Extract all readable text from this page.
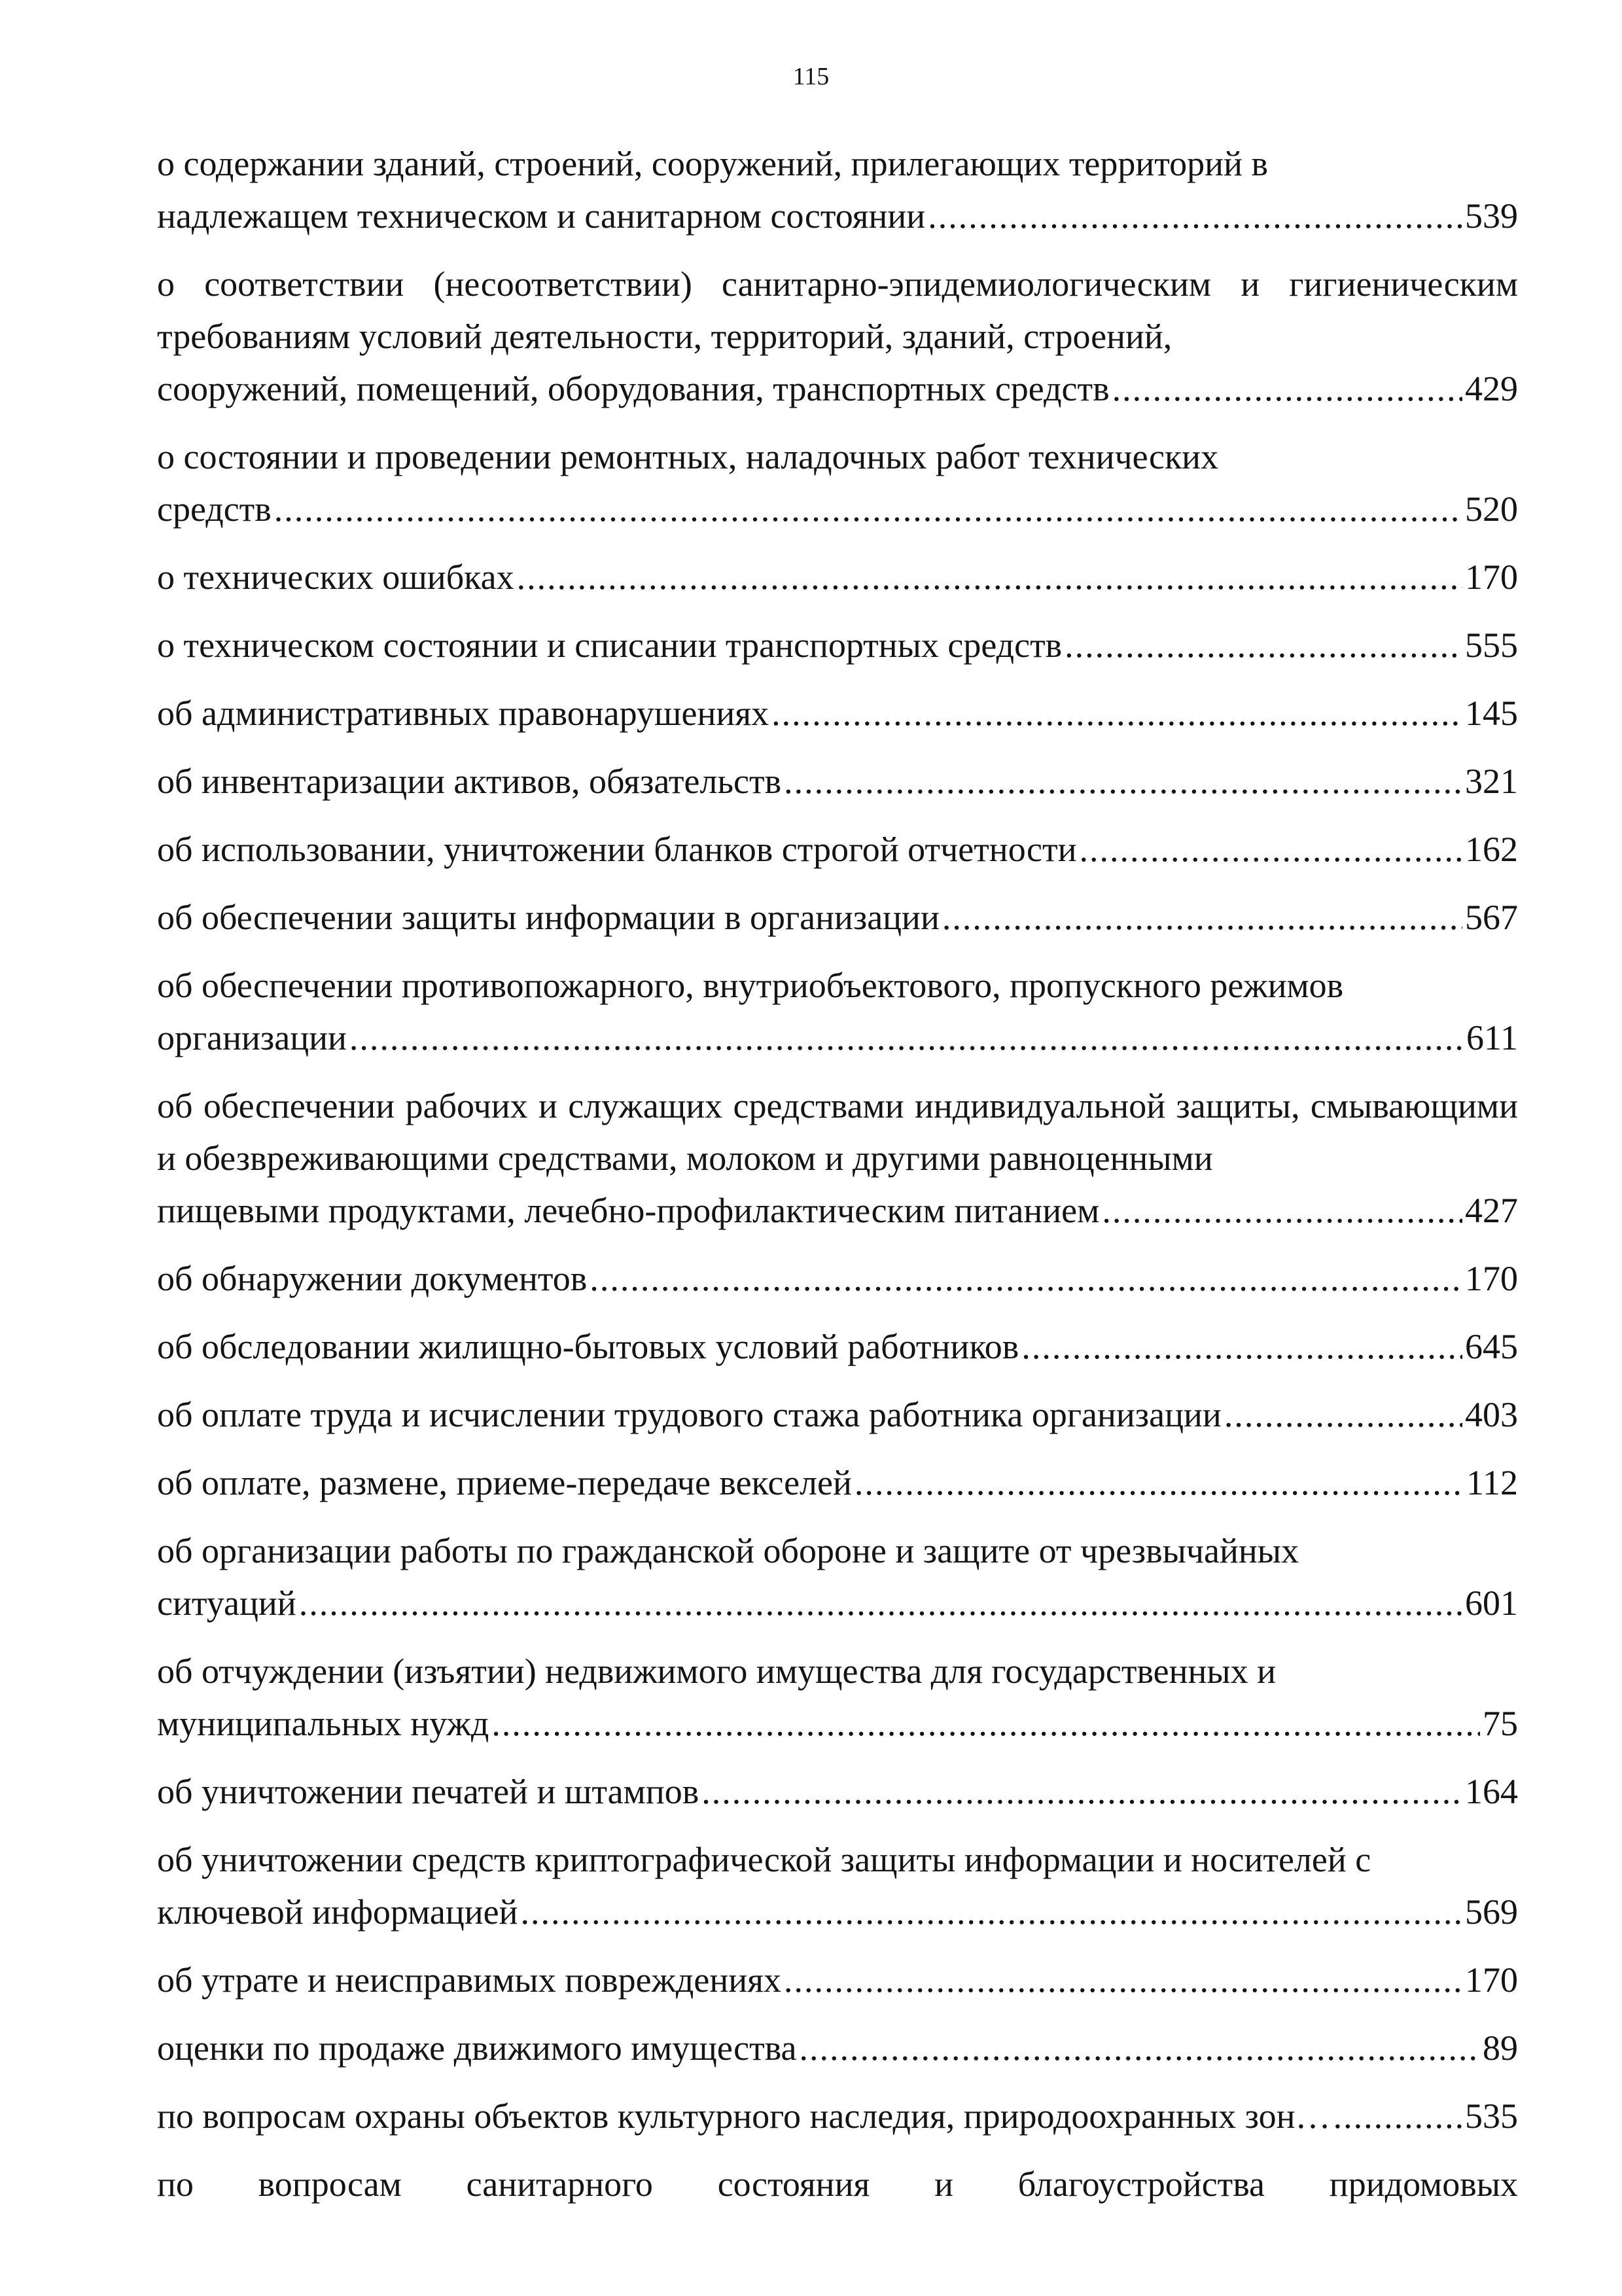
115
о содержании зданий, строений, сооружений, прилегающих территорий в
надлежащем техническом и санитарном состоянии .....	539
о соответствии (несоответствии) санитарно-эпидемиологическим и гигиеническим требованиям условий деятельности, территорий, зданий, строений,
сооружений, помещений, оборудования, транспортных средств .....	429
о состоянии и проведении ремонтных, наладочных работ технических
средств .....	520
о технических ошибках .....	170
о техническом состоянии и списании транспортных средств .....	555
об административных правонарушениях .....	145
об инвентаризации активов, обязательств .....	321
об использовании, уничтожении бланков строгой отчетности .....	162
об обеспечении защиты информации в организации .....	567
об обеспечении противопожарного, внутриобъектового, пропускного режимов
организации .....	611
об обеспечении рабочих и служащих средствами индивидуальной защиты, смывающими и обезвреживающими средствами, молоком и другими равноценными
пищевыми продуктами, лечебно-профилактическим питанием .....	427
об обнаружении документов .....	170
об обследовании жилищно-бытовых условий работников .....	645
об оплате труда и исчислении трудового стажа работника организации .....	403
об оплате, размене, приеме-передаче векселей .....	112
об организации работы по гражданской обороне и защите от чрезвычайных
ситуаций .....	601
об отчуждении (изъятии) недвижимого имущества для государственных и
муниципальных нужд .....	75
об уничтожении печатей и штампов .....	164
об уничтожении средств криптографической защиты информации и носителей с
ключевой информацией .....	569
об утрате и неисправимых повреждениях .....	170
оценки по продаже движимого имущества .....	89
по вопросам охраны объектов культурного наследия, природоохранных зон… .....	535
по вопросам санитарного состояния и благоустройства придомовых
